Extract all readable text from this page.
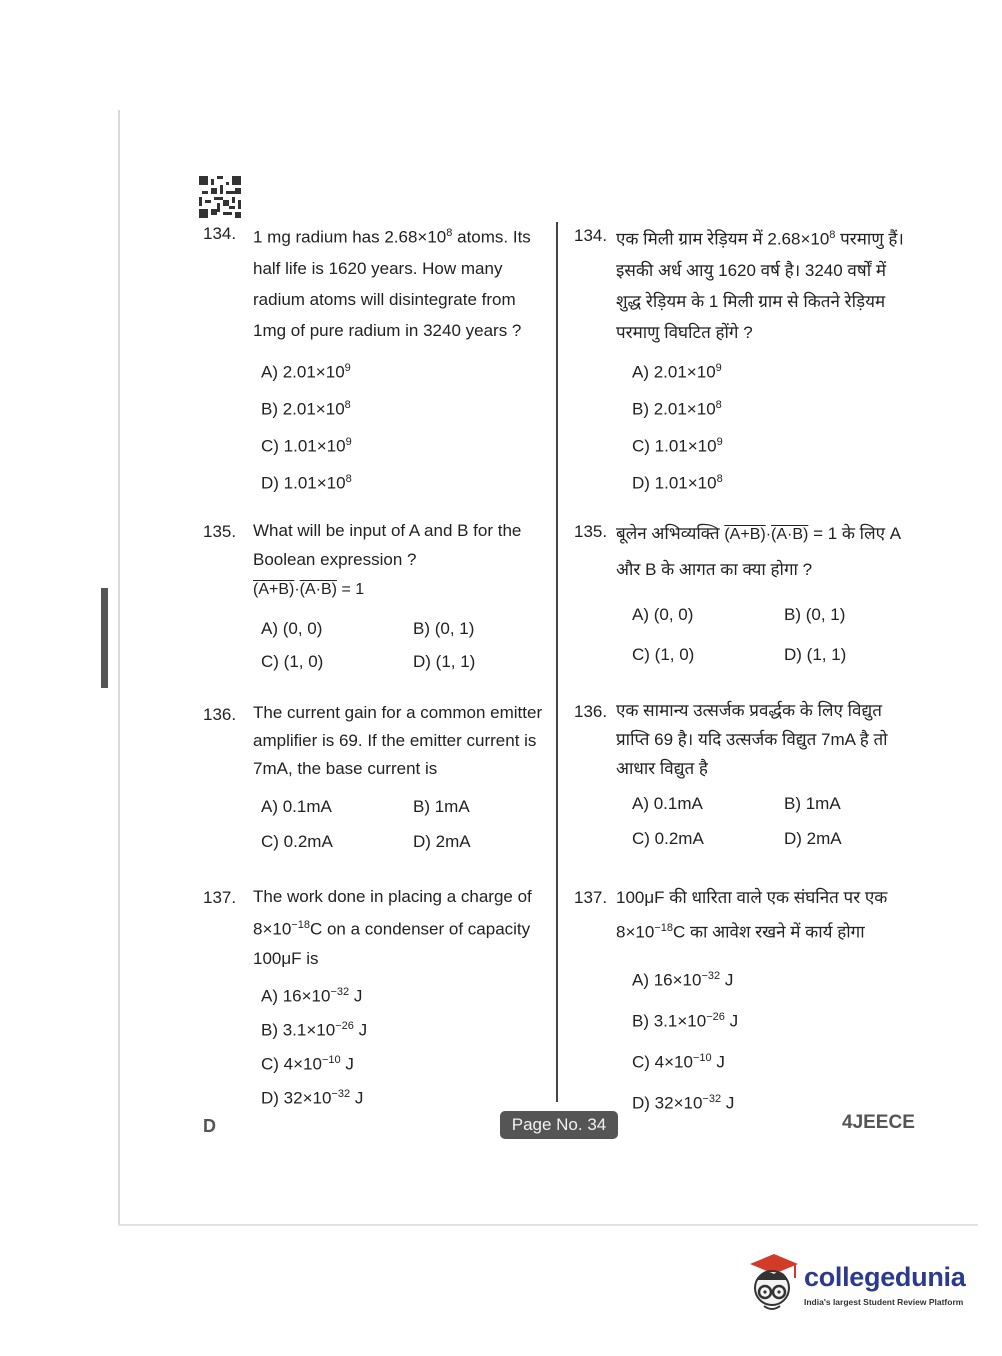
134. 1 mg radium has $2.68\times 10^8$ atoms. Its half life is 1620 years. How many radium atoms will disintegrate from 1mg of pure radium in 3240 years ?
A) $2.01\times 10^9$
B) $2.01\times 10^8$
C) $1.01\times 10^9$
D) $1.01\times 10^8$
135. What will be input of A and B for the Boolean expression ?
(A+B)·(A·B) = 1
A) (0, 0)	B) (0, 1)
C) (1, 0)	D) (1, 1)
136. The current gain for a common emitter amplifier is 69. If the emitter current is 7mA, the base current is
A) 0.1mA	B) 1mA
C) 0.2mA	D) 2mA
137. The work done in placing a charge of $8\times 10^{-18}C$ on a condenser of capacity 100μF is
A) $16\times 10^{-32}$ J
B) $3.1\times 10^{-26}$ J
C) $4\times 10^{-10}$ J
D) $32\times 10^{-32}$ J
134. एक मिली ग्राम रेड़ियम में $2.68\times 10^8$ परमाणु हैं। इसकी अर्ध आयु 1620 वर्ष है। 3240 वर्षों में शुद्ध रेड़ियम के 1 मिली ग्राम से कितने रेड़ियम परमाणु विघटित होंगे ?
A) $2.01\times 10^9$
B) $2.01\times 10^8$
C) $1.01\times 10^9$
D) $1.01\times 10^8$
135. बूलेन अभिव्यक्ति (A+B)·(A·B) = 1 के लिए A और B के आगत का क्या होगा ?
A) (0, 0)	B) (0, 1)
C) (1, 0)	D) (1, 1)
136. एक सामान्य उत्सर्जक प्रवर्द्धक के लिए विद्युत प्राप्ति 69 है। यदि उत्सर्जक विद्युत 7mA है तो आधार विद्युत है
A) 0.1mA	B) 1mA
C) 0.2mA	D) 2mA
137. 100μF की धारिता वाले एक संघनित पर एक $8\times 10^{-18}C$ का आवेश रखने में कार्य होगा
A) $16\times 10^{-32}$ J
B) $3.1\times 10^{-26}$ J
C) $4\times 10^{-10}$ J
D) $32\times 10^{-32}$ J
D	Page No. 34	4JEECE
collegedunia
India's largest Student Review Platform
